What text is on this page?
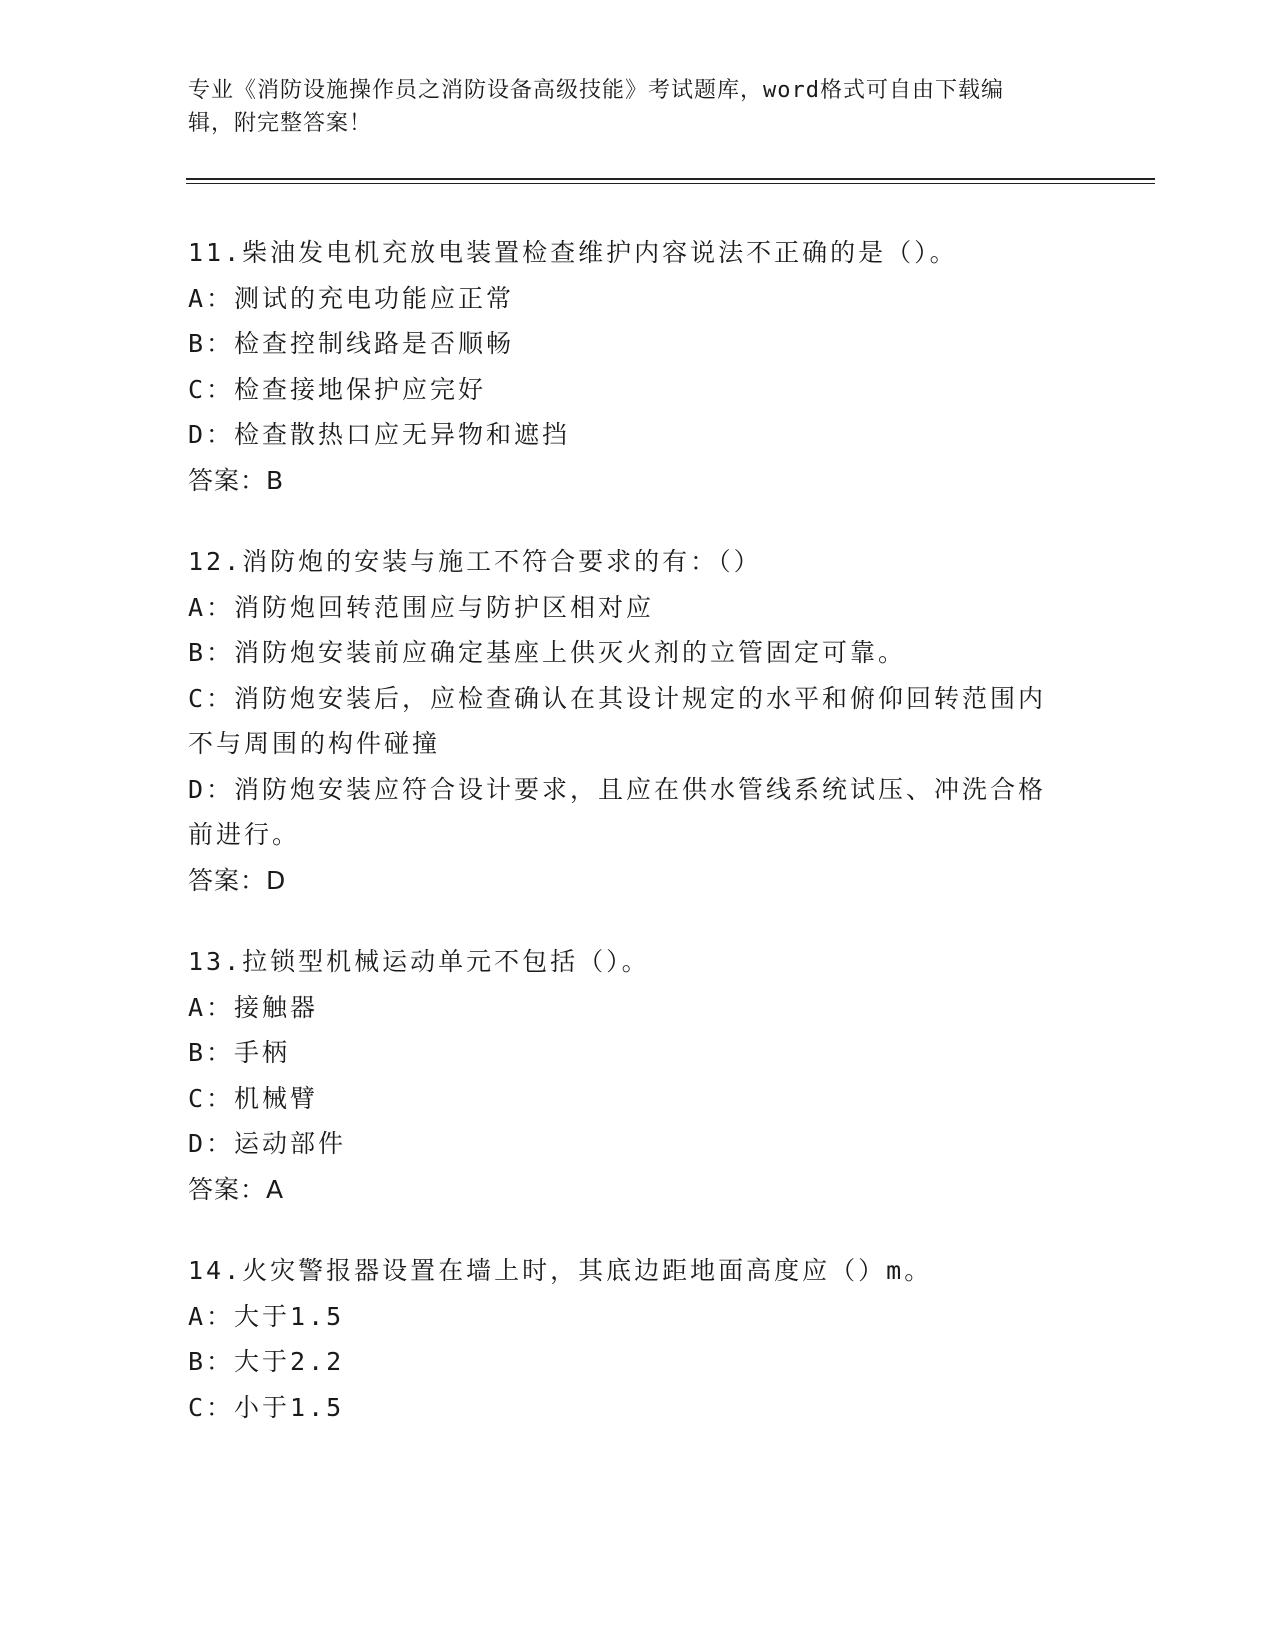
专业《消防设施操作员之消防设备高级技能》考试题库，word格式可自由下载编
辑，附完整答案！
11.柴油发电机充放电装置检查维护内容说法不正确的是（）。
A：测试的充电功能应正常
B：检查控制线路是否顺畅
C：检查接地保护应完好
D：检查散热口应无异物和遮挡
答案：B
12.消防炮的安装与施工不符合要求的有：（）
A：消防炮回转范围应与防护区相对应
B：消防炮安装前应确定基座上供灭火剂的立管固定可靠。
C：消防炮安装后，应检查确认在其设计规定的水平和俯仰回转范围内
不与周围的构件碰撞
D：消防炮安装应符合设计要求，且应在供水管线系统试压、冲洗合格
前进行。
答案：D
13.拉锁型机械运动单元不包括（）。
A：接触器
B：手柄
C：机械臂
D：运动部件
答案：A
14.火灾警报器设置在墙上时，其底边距地面高度应（）m。
A：大于1.5
B：大于2.2
C：小于1.5
